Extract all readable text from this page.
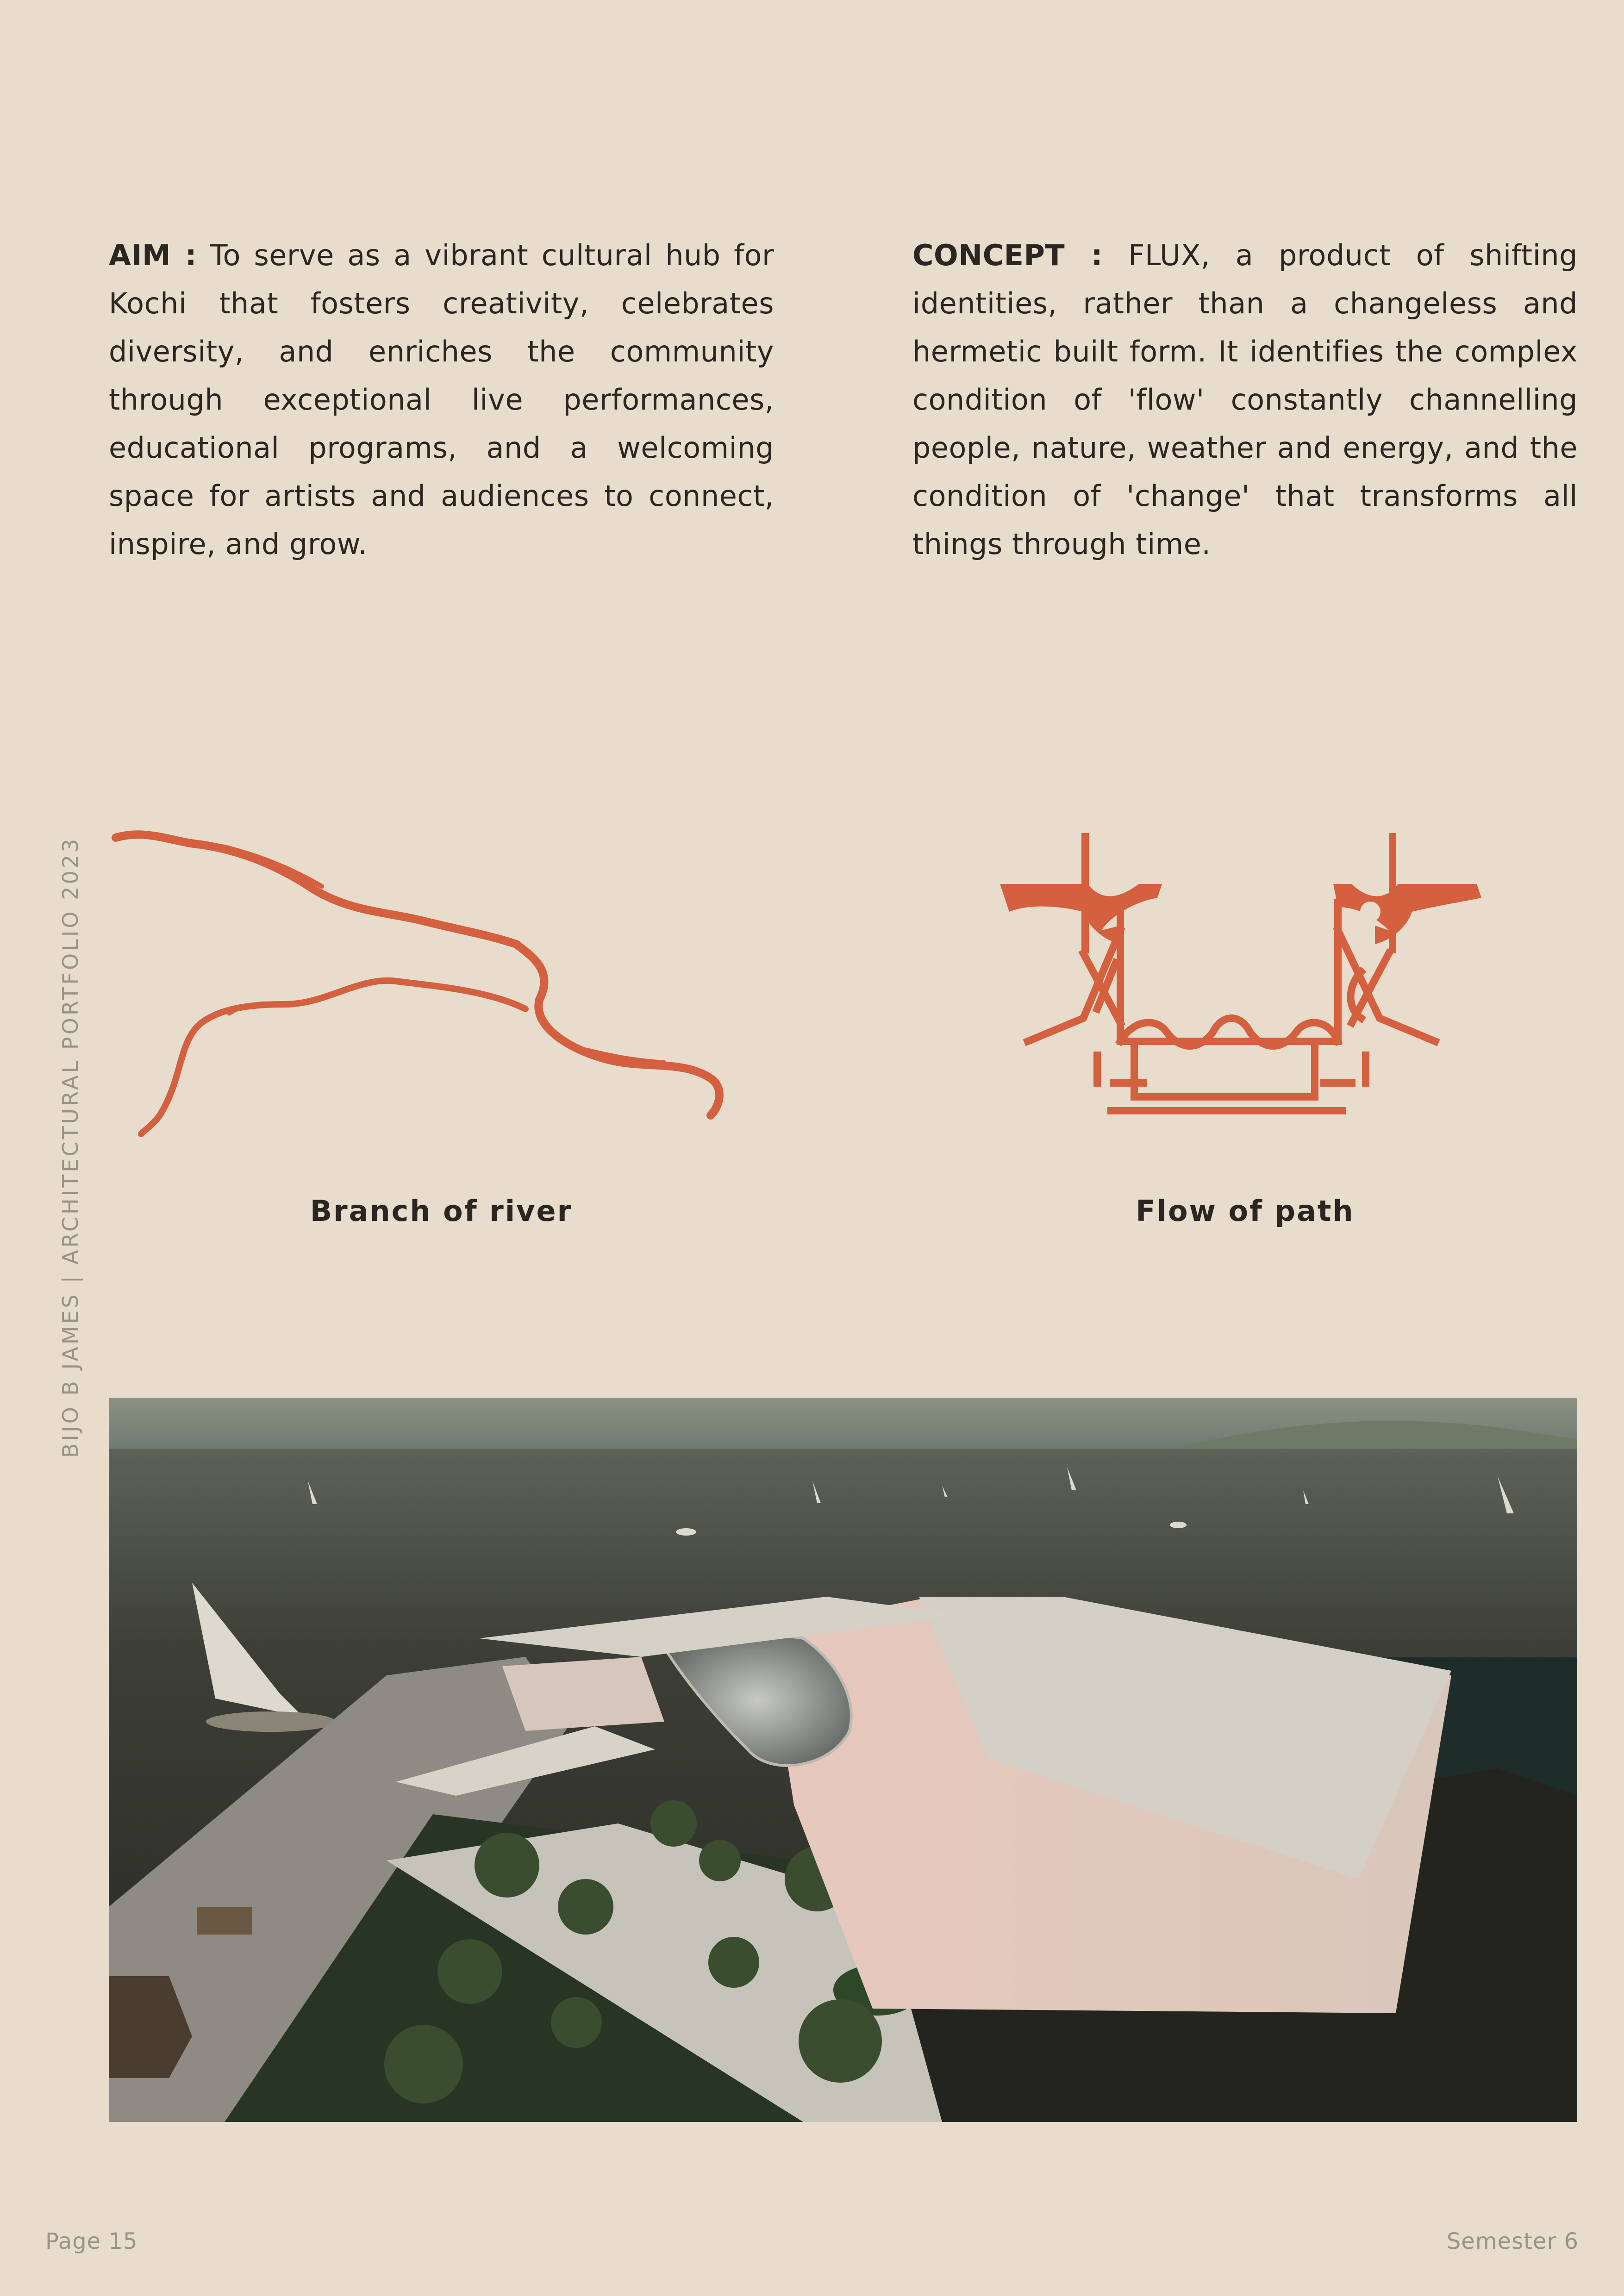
AIM : To serve as a vibrant cultural hub for Kochi that fosters creativity, celebrates diversity, and enriches the community through exceptional live performances, educational programs, and a welcoming space for artists and audiences to connect, inspire, and grow.
CONCEPT : FLUX, a product of shifting identities, rather than a changeless and hermetic built form. It identifies the complex condition of 'flow' constantly channelling people, nature, weather and energy, and the condition of 'change' that transforms all things through time.
BIJO B JAMES | ARCHITECTURAL PORTFOLIO 2023	Branch of river	Flow of path
Page 15	Semester 6
